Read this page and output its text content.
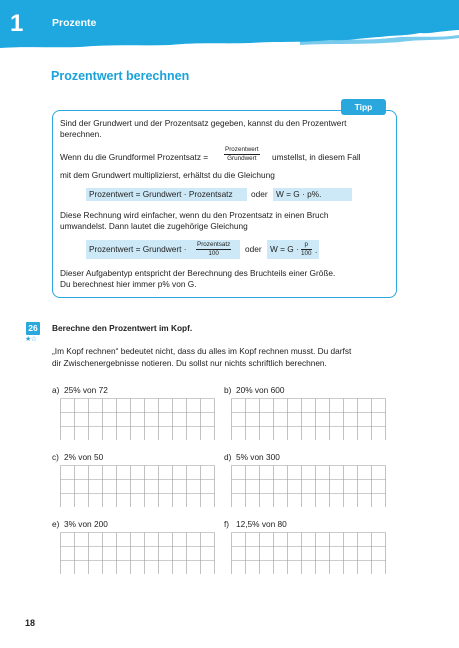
1	Prozente
Prozentwert berechnen
Tipp
Sind der Grundwert und der Prozentsatz gegeben, kannst du den Prozentwert
berechnen.
Wenn du die Grundformel Prozentsatz =
Prozentwert
Grundwert umstellst, in diesem Fall
mit dem Grundwert multiplizierst, erhältst du die Gleichung
Prozentwert = Grundwert · Prozentsatz oder W = G · p%.
Diese Rechnung wird einfacher, wenn du den Prozentsatz in einen Bruch
umwandelst. Dann lautet die zugehörige Gleichung
Prozentwert = Grundwert · Prozentsatz
100	oder W = G · p
100 .
Dieser Aufgabentyp entspricht der Berechnung des Bruchteils einer Größe.
Du berechnest hier immer p% von G.
26
★☆
Berechne den Prozentwert im Kopf.
„Im Kopf rechnen“ bedeutet nicht, dass du alles im Kopf rechnen musst. Du darfst
dir Zwischenergebnisse notieren. Du sollst nur nichts schriftlich berechnen.
a) 25% von 72	b) 20% von 600
c) 2% von 50	d) 5% von 300
e) 3% von 200	f) 12,5% von 80
18
